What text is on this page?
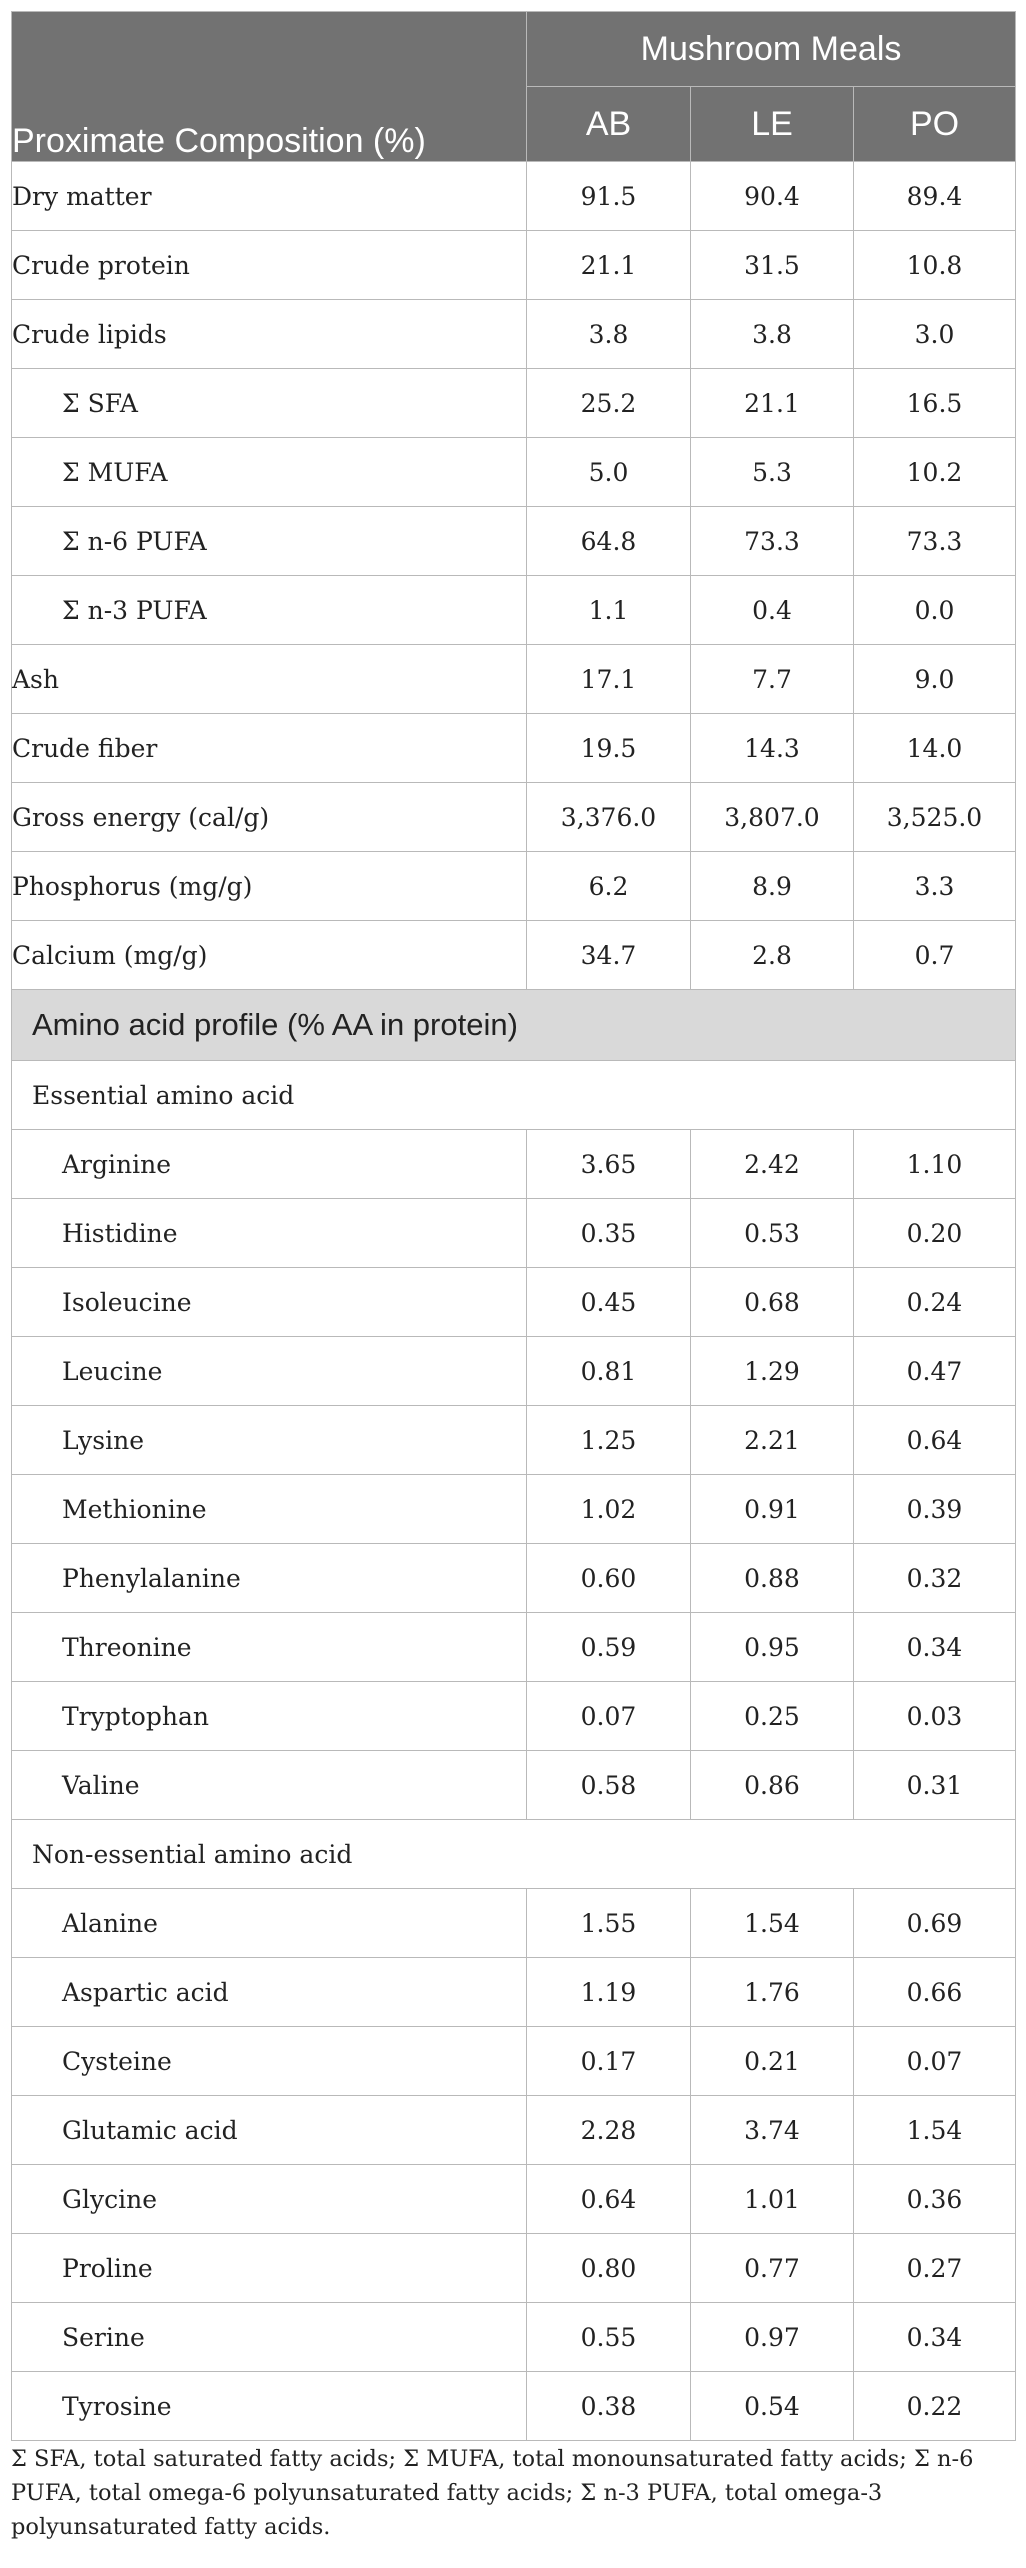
Proximate Composition (%)	Mushroom Meals		
	AB	LE	PO
Dry matter	91.5	90.4	89.4
Crude protein	21.1	31.5	10.8
Crude lipids	3.8	3.8	3.0
Σ SFA	25.2	21.1	16.5
Σ MUFA	5.0	5.3	10.2
Σ n-6 PUFA	64.8	73.3	73.3
Σ n-3 PUFA	1.1	0.4	0.0
Ash	17.1	7.7	9.0
Crude fiber	19.5	14.3	14.0
Gross energy (cal/g)	3,376.0	3,807.0	3,525.0
Phosphorus (mg/g)	6.2	8.9	3.3
Calcium (mg/g)	34.7	2.8	0.7
Amino acid profile (% AA in protein)			
Essential amino acid			
Arginine	3.65	2.42	1.10
Histidine	0.35	0.53	0.20
Isoleucine	0.45	0.68	0.24
Leucine	0.81	1.29	0.47
Lysine	1.25	2.21	0.64
Methionine	1.02	0.91	0.39
Phenylalanine	0.60	0.88	0.32
Threonine	0.59	0.95	0.34
Tryptophan	0.07	0.25	0.03
Valine	0.58	0.86	0.31
Non-essential amino acid			
Alanine	1.55	1.54	0.69
Aspartic acid	1.19	1.76	0.66
Cysteine	0.17	0.21	0.07
Glutamic acid	2.28	3.74	1.54
Glycine	0.64	1.01	0.36
Proline	0.80	0.77	0.27
Serine	0.55	0.97	0.34
Tyrosine	0.38	0.54	0.22
Σ SFA, total saturated fatty acids; Σ MUFA, total monounsaturated fatty acids; Σ n-6 PUFA, total omega-6 polyunsaturated fatty acids; Σ n-3 PUFA, total omega-3 polyunsaturated fatty acids.
